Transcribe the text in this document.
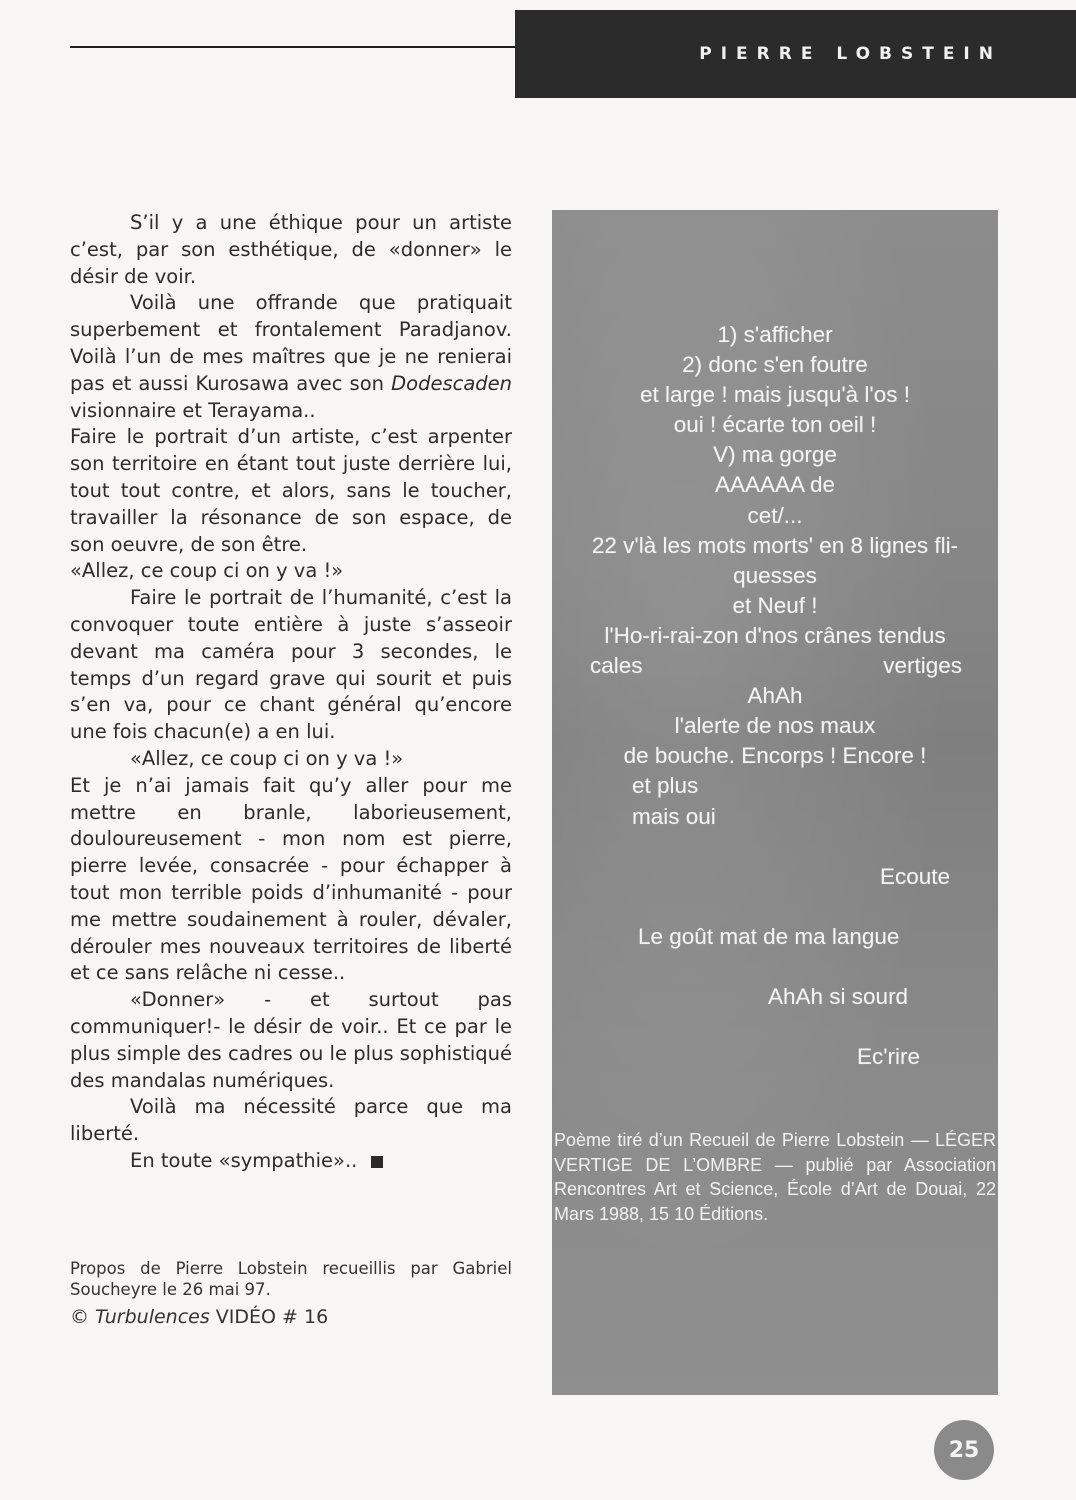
PIERRE LOBSTEIN

S’il y a une éthique pour un artiste c’est, par son esthétique, de «donner» le désir de voir.

Voilà une offrande que pratiquait superbement et frontalement Paradjanov. Voilà l’un de mes maîtres que je ne renierai pas et aussi Kurosawa avec son Dodescaden visionnaire et Terayama..

Faire le portrait d’un artiste, c’est arpenter son territoire en étant tout juste derrière lui, tout tout contre, et alors, sans le toucher, travailler la résonance de son espace, de son oeuvre, de son être.

«Allez, ce coup ci on y va !»

Faire le portrait de l’humanité, c’est la convoquer toute entière à juste s’asseoir devant ma caméra pour 3 secondes, le temps d’un regard grave qui sourit et puis s’en va, pour ce chant général qu’encore une fois chacun(e) a en lui.

«Allez, ce coup ci on y va !»

Et je n’ai jamais fait qu’y aller pour me mettre en branle, laborieusement, douloureusement - mon nom est pierre, pierre levée, consacrée - pour échapper à tout mon terrible poids d’inhumanité - pour me mettre soudainement à rouler, dévaler, dérouler mes nouveaux territoires de liberté et ce sans relâche ni cesse..

«Donner» - et surtout pas communiquer!- le désir de voir.. Et ce par le plus simple des cadres ou le plus sophistiqué des mandalas numériques.

Voilà ma nécessité parce que ma liberté.

En toute «sympathie»..

Propos de Pierre Lobstein recueillis par Gabriel Soucheyre le 26 mai 97.
© Turbulences VIDÉO # 16
1) s'afficher
2) donc s'en foutre
et large ! mais jusqu'à l'os !
oui ! écarte ton oeil !
V) ma gorge
AAAAAA de
cet/...
22 v'là les mots morts' en 8 lignes fli-
quesses
et Neuf !
l'Ho-ri-rai-zon d'nos crânes tendus
cales	vertiges
AhAh
l'alerte de nos maux
de bouche. Encorps ! Encore !
et plus
mais oui
Ecoute
Le goût mat de ma langue
AhAh si sourd
Ec'rire
Poème tiré d’un Recueil de Pierre Lobstein — LÉGER VERTIGE DE L’OMBRE — publié par Association Rencontres Art et Science, École d’Art de Douai, 22 Mars 1988, 15 10 Éditions.
25
